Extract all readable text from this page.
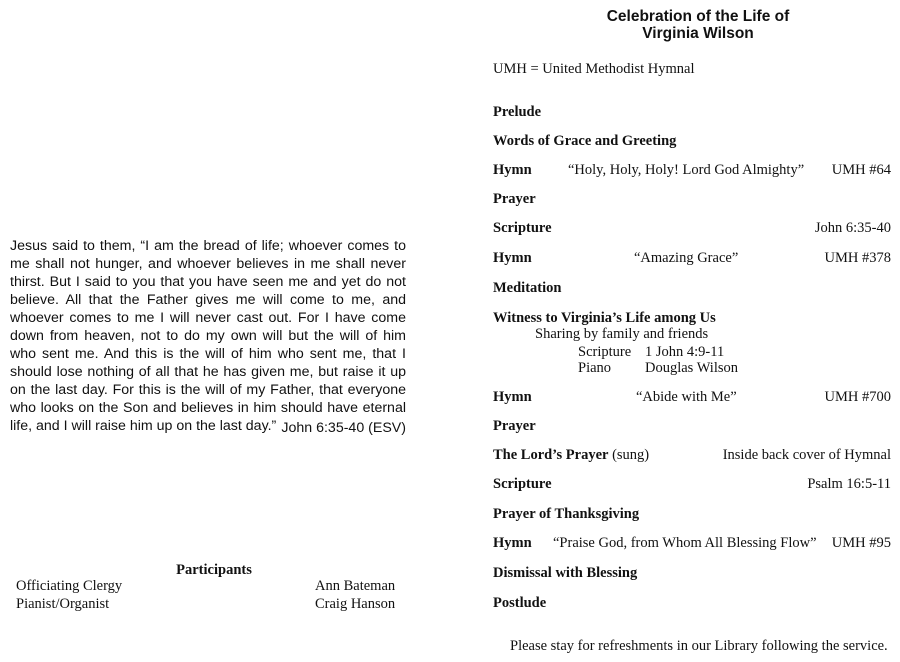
Jesus said to them, “I am the bread of life; whoever comes to me shall not hunger, and whoever believes in me shall never thirst. But I said to you that you have seen me and yet do not believe. All that the Father gives me will come to me, and whoever comes to me I will never cast out. For I have come down from heaven, not to do my own will but the will of him who sent me. And this is the will of him who sent me, that I should lose nothing of all that he has given me, but raise it up on the last day. For this is the will of my Father, that everyone who looks on the Son and believes in him should have eternal life, and I will raise him up on the last day.” John 6:35-40 (ESV)
Participants
Officiating Clergy	Ann Bateman
Pianist/Organist	Craig Hanson
Celebration of the Life of
Virginia Wilson
UMH = United Methodist Hymnal
Prelude
Words of Grace and Greeting
Hymn	“Holy, Holy, Holy! Lord God Almighty” UMH #64
Prayer
Scripture	John 6:35-40
Hymn	“Amazing Grace”	UMH #378
Meditation
Witness to Virginia’s Life among Us
Sharing by family and friends
Scripture 1 John 4:9-11
Piano Douglas Wilson
Hymn	“Abide with Me”	UMH #700
Prayer
The Lord’s Prayer (sung)	Inside back cover of Hymnal
Scripture	Psalm 16:5-11
Prayer of Thanksgiving
Hymn “Praise God, from Whom All Blessing Flow” UMH #95
Dismissal with Blessing
Postlude
Please stay for refreshments in our Library following the service.
